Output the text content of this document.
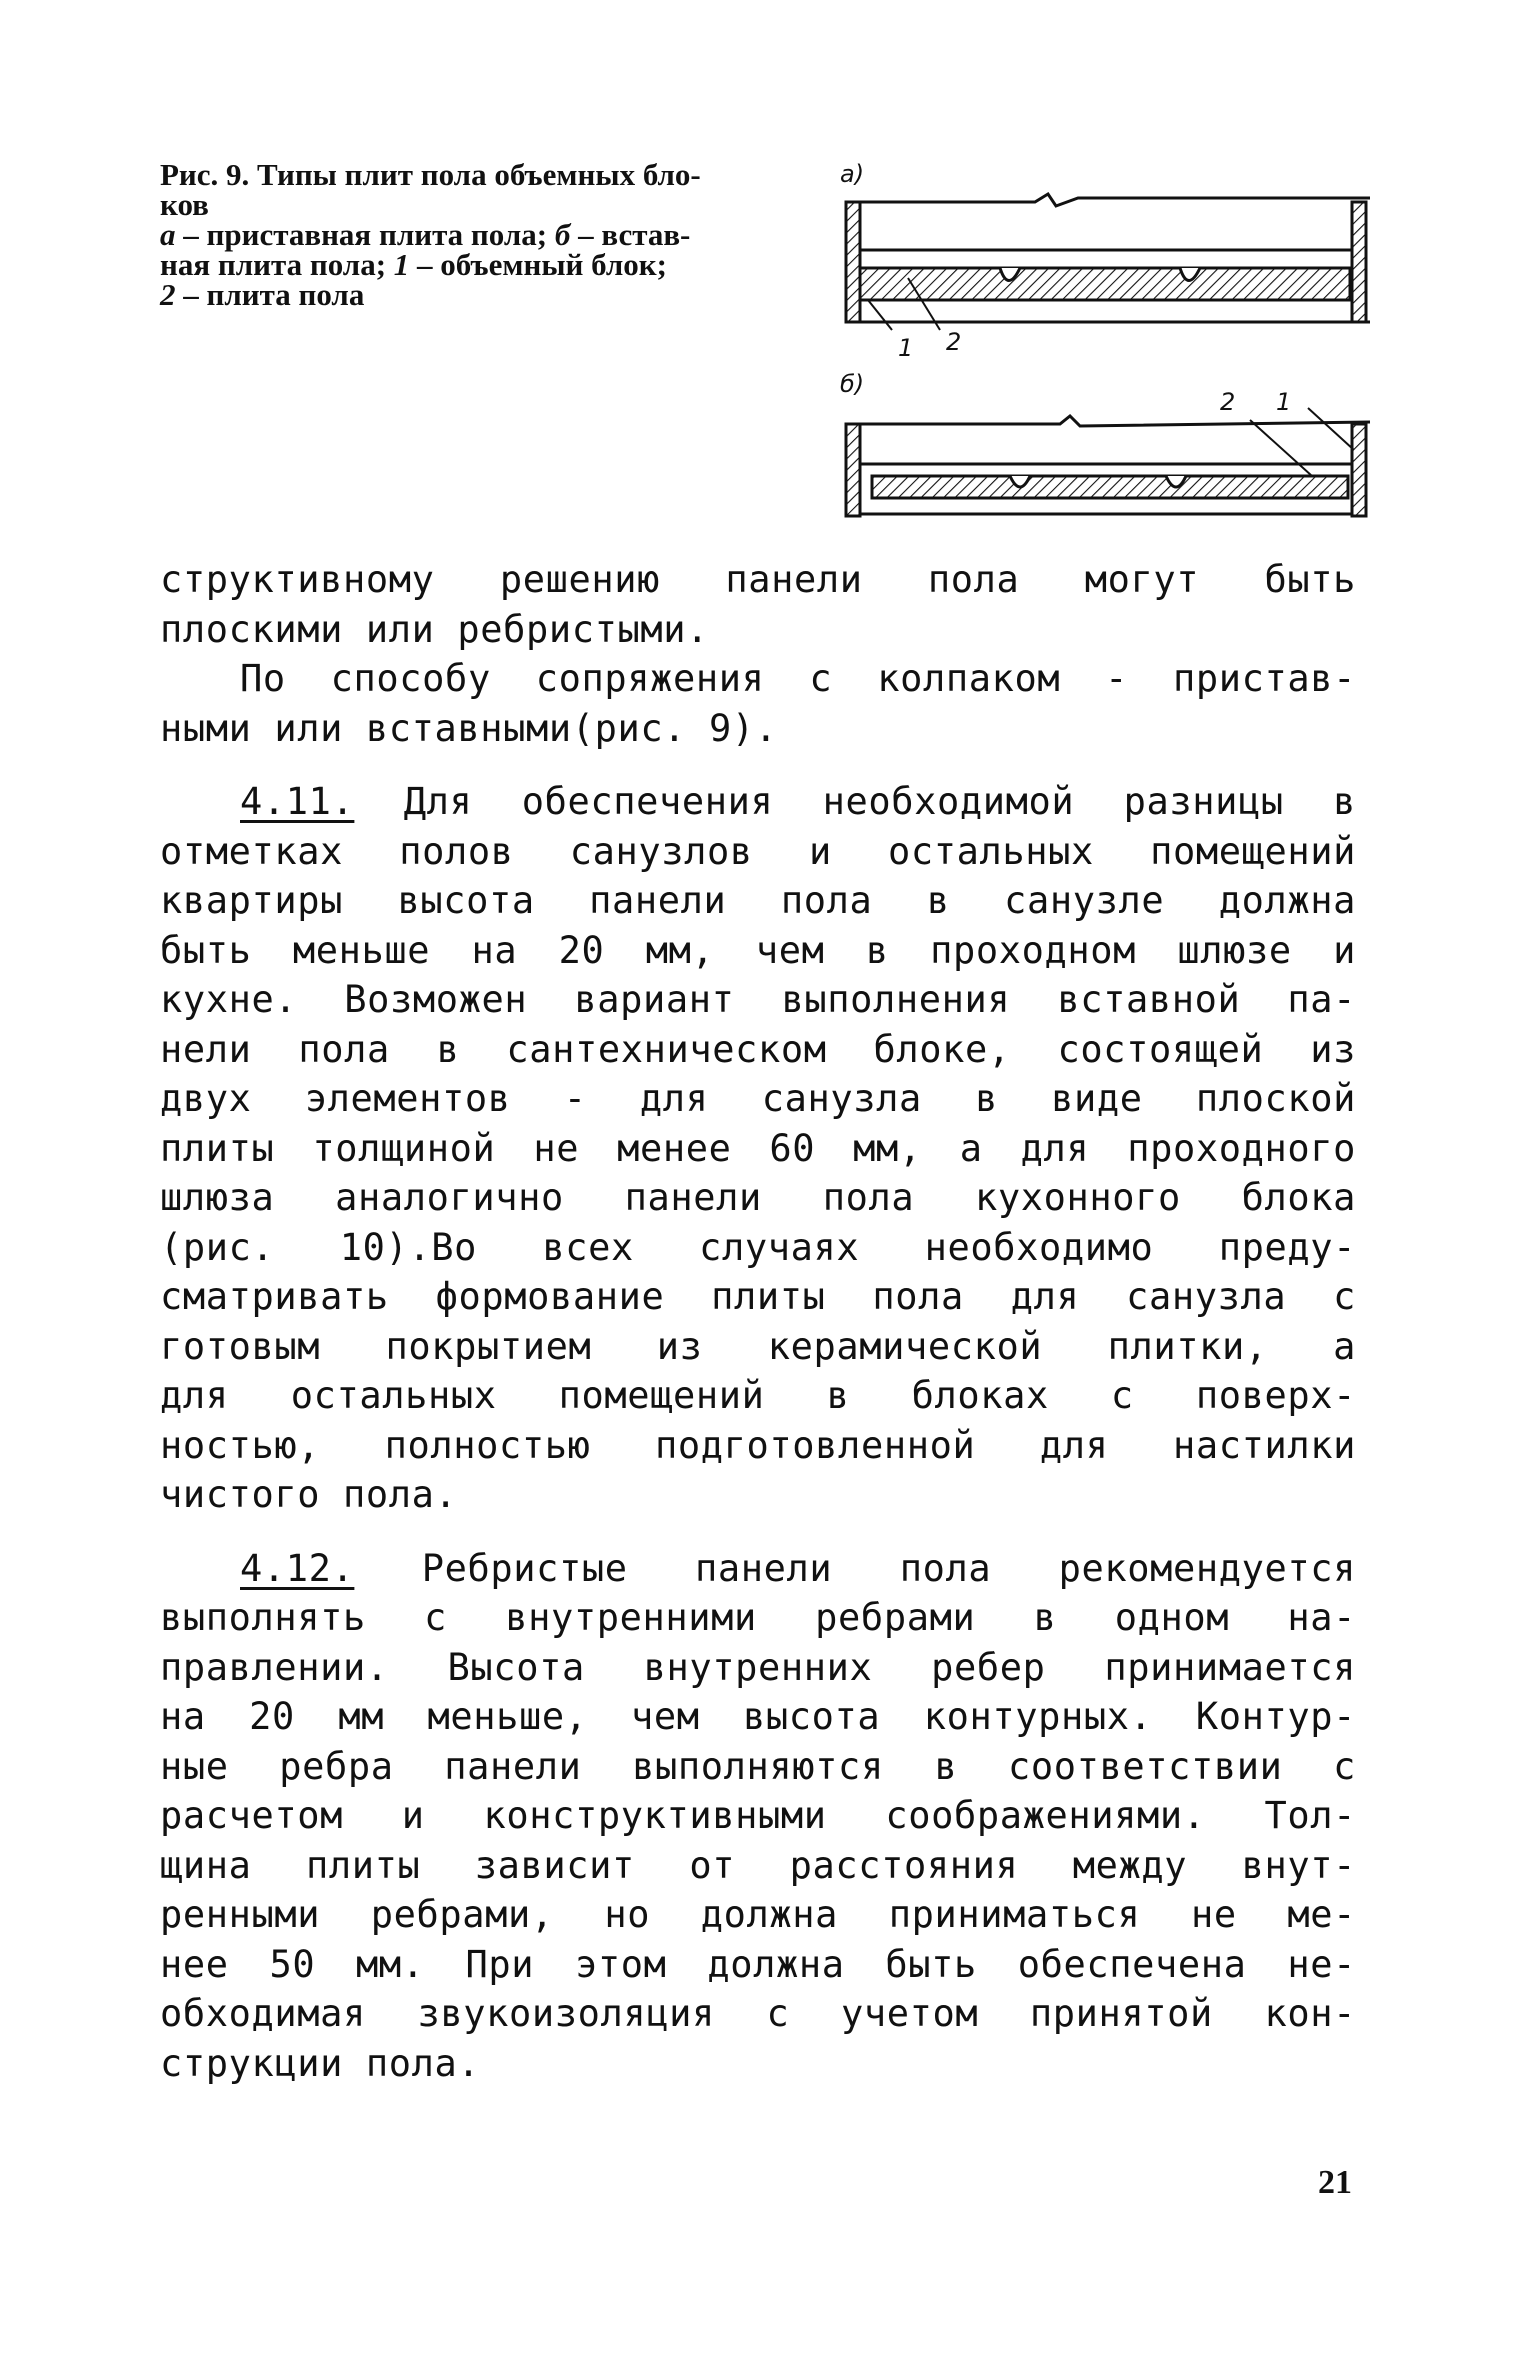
Рис. 9. Типы плит пола объемных бло-
ков
а – приставная плита пола; б – встав-
ная плита пола; 1 – объемный блок;
2 – плита пола
а)
1 2
б)
2 1
структивному решению панели пола могут быть
плоскими или ребристыми.
По способу сопряжения с колпаком - пристав-
ными или вставными(рис. 9).
4.11. Для обеспечения необходимой разницы в
отметках полов санузлов и остальных помещений
квартиры высота панели пола в санузле должна
быть меньше на 20 мм, чем в проходном шлюзе и
кухне. Возможен вариант выполнения вставной па-
нели пола в сантехническом блоке, состоящей из
двух элементов - для санузла в виде плоской
плиты толщиной не менее 60 мм, а для проходного
шлюза аналогично панели пола кухонного блока
(рис. 10).Во всех случаях необходимо преду-
сматривать формование плиты пола для санузла с
готовым покрытием из керамической плитки, а
для остальных помещений в блоках с поверх-
ностью, полностью подготовленной для настилки
чистого пола.
4.12. Ребристые панели пола рекомендуется
выполнять с внутренними ребрами в одном на-
правлении. Высота внутренних ребер принимается
на 20 мм меньше, чем высота контурных. Контур-
ные ребра панели выполняются в соответствии с
расчетом и конструктивными соображениями. Тол-
щина плиты зависит от расстояния между внут-
ренными ребрами, но должна приниматься не ме-
нее 50 мм. При этом должна быть обеспечена не-
обходимая звукоизоляция с учетом принятой кон-
струкции пола.
21
